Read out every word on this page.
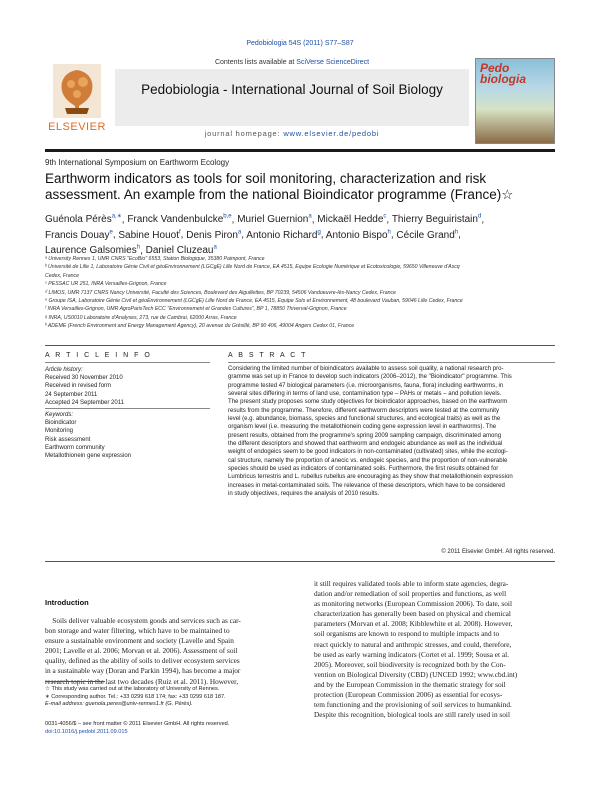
Pedobiologia 54S (2011) S77–S87
ELSEVIER
Contents lists available at SciVerse ScienceDirect
Pedobiologia - International Journal of Soil Biology
journal homepage: www.elsevier.de/pedobi
Pedo biologia
9th International Symposium on Earthworm Ecology
Earthworm indicators as tools for soil monitoring, characterization and risk
assessment. An example from the national Bioindicator programme (France)☆
Guénola Pérès$^{a,∗}$, Franck Vandenbulcke$^{b,e}$, Muriel Guernion$^a$, Mickaël Hedde$^c$, Thierry Beguiristain$^d$,
Francis Douay$^e$, Sabine Houot$^f$, Denis Piron$^a$, Antonio Richard$^g$, Antonio Bispo$^h$, Cécile Grand$^h$,
Laurence Galsomies$^h$, Daniel Cluzeau$^a$
ᵃ University Rennes 1, UMR CNRS "EcoBio" 6553, Station Biologique, 35380 Paimpont, France
ᵇ Université de Lille 1, Laboratoire Génie Civil et géoEnvironnement (LGCgE) Lille Nord de France, EA 4515, Equipe Ecologie Numérique et Ecotoxicologie, 59650 Villeneuve d'Ascq
Cedex, France
ᶜ PESSAC UR 251, INRA Versailles-Grignon, France
ᵈ LIMOS, UMR 7137 CNRS Nancy Université, Faculté des Sciences, Boulevard des Aiguillettes, BP 70239, 54506 Vandoeuvre-lès-Nancy Cedex, France
ᵉ Groupe ISA, Laboratoire Génie Civil et géoEnvironnement (LGCgE) Lille Nord de France, EA 4515, Equipe Sols et Environnement, 48 boulevard Vauban, 59046 Lille Cedex, France
ᶠ INRA Versailles-Grignon, UMR AgroParisTech ECC "Environnement et Grandes Cultures", BP 1, 78850 Thiverval-Grignon, France
ᵍ INRA, US0010 Laboratoire d'Analyses, 273, rue de Cambrai, 62000 Arras, France
ʰ ADEME (French Environment and Energy Management Agency), 20 avenue du Grésillé, BP 90 406, 49004 Angers Cedex 01, France
A R T I C L E I N F O
Article history:
Received 30 November 2010
Received in revised form
24 September 2011
Accepted 24 September 2011
Keywords:
Bioindicator
Monitoring
Risk assessment
Earthworm community
Metallothionein gene expression
A B S T R A C T
Considering the limited number of bioindicators available to assess soil quality, a national research pro-
gramme was set up in France to develop such indicators (2006–2012), the "Bioindicator" programme. This
programme tested 47 biological parameters (i.e. microorganisms, fauna, flora) including earthworms, in
several sites differing in terms of land use, contamination type – PAHs or metals – and pollution levels.
The present study proposes some study objectives for bioindicator approaches, based on the earthworm
results from the programme. Therefore, different earthworm descriptors were tested at the community
level (e.g. abundance, biomass, species and functional structures, and ecological traits) as well as the
organism level (i.e. measuring the metallothionein coding gene expression level in earthworms). The
present results, obtained from the programme's spring 2009 sampling campaign, discriminated among
the different descriptors and showed that earthworm and endogeic abundance as well as the individual
weight of endogeics seem to be good indicators in non-contaminated (cultivated) sites, while the ecologi-
cal structure, namely the proportion of anecic vs. endogeic species, and the proportion of non-vulnerable
species should be used as indicators of contaminated soils. Furthermore, the first results obtained for
Lumbricus terrestris and L. rubellus rubellus are encouraging as they show that metallothionein expression
increases in metal-contaminated soils. The relevance of these descriptors, which have to be considered
in study objectives, requires the analysis of 2010 results.
© 2011 Elsevier GmbH. All rights reserved.
Introduction
Soils deliver valuable ecosystem goods and services such as car-
bon storage and water filtering, which have to be maintained to
ensure a sustainable environment and society (Lavelle and Spain
2001; Lavelle et al. 2006; Morvan et al. 2006). Assessment of soil
quality, defined as the ability of soils to deliver ecosystem services
in a sustainable way (Doran and Parkin 1994), has become a major
research topic in the last two decades (Ruiz et al. 2011). However,
it still requires validated tools able to inform state agencies, degra-
dation and/or remediation of soil properties and functions, as well
as monitoring networks (European Commission 2006). To date, soil
characterization has generally been based on physical and chemical
parameters (Morvan et al. 2008; Kibblewhite et al. 2008). However,
soil organisms are known to respond to multiple impacts and to
react quickly to natural and anthropic stresses, and could, therefore,
be used as early warning indicators (Cortet et al. 1999; Sousa et al.
2005). Moreover, soil biodiversity is recognized both by the Con-
vention on Biological Diversity (CBD) (UNCED 1992; www.cbd.int)
and by the European Commission in the thematic strategy for soil
protection (European Commission 2006) as essential for ecosys-
tem functioning and the provisioning of soil services to humankind.
Despite this recognition, biological tools are still rarely used in soil
☆ This study was carried out at the laboratory of University of Rennes.
∗ Corresponding author. Tel.: +33 0299 618 174; fax: +33 0299 618 187.
E-mail address: guenola.peres@univ-rennes1.fr (G. Pérès).
0031-4056/$ – see front matter © 2011 Elsevier GmbH. All rights reserved.
doi:10.1016/j.pedobi.2011.09.015
